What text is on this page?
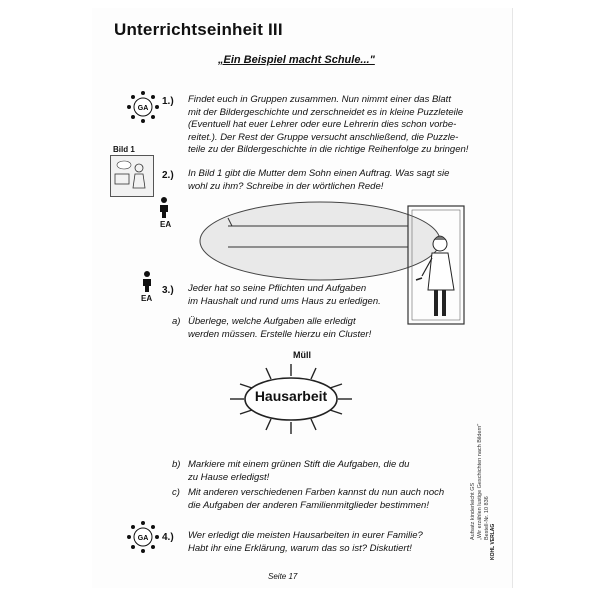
Unterrichtseinheit III
„Ein Beispiel macht Schule..."
GA
1.) Findet euch in Gruppen zusammen. Nun nimmt einer das Blatt
mit der Bildergeschichte und zerschneidet es in kleine Puzzleteile
(Eventuell hat euer Lehrer oder eure Lehrerin dies schon vorbe-
reitet.). Der Rest der Gruppe versucht anschließend, die Puzzle-
teile zu der Bildergeschichte in die richtige Reihenfolge zu bringen!
Bild 1
2.) In Bild 1 gibt die Mutter dem Sohn einen Auftrag. Was sagt sie
wohl zu ihm? Schreibe in der wörtlichen Rede!
EA
EA
3.) Jeder hat so seine Pflichten und Aufgaben
im Haushalt und rund ums Haus zu erledigen.
a) Überlege, welche Aufgaben alle erledigt
werden müssen. Erstelle hierzu ein Cluster!
Müll
Hausarbeit
b) Markiere mit einem grünen Stift die Aufgaben, die du
zu Hause erledigst!
c) Mit anderen verschiedenen Farben kannst du nun auch noch
die Aufgaben der anderen Familienmitglieder bestimmen!
GA 4.) Wer erledigt die meisten Hausarbeiten in eurer Familie?
Habt ihr eine Erklärung, warum das so ist? Diskutiert!
Seite 17
Aufsatz kinderleicht GS „Wir erzählen lustige Geschichten nach Bildern" Bestell-Nr. 10 836
KOHL VERLAG
